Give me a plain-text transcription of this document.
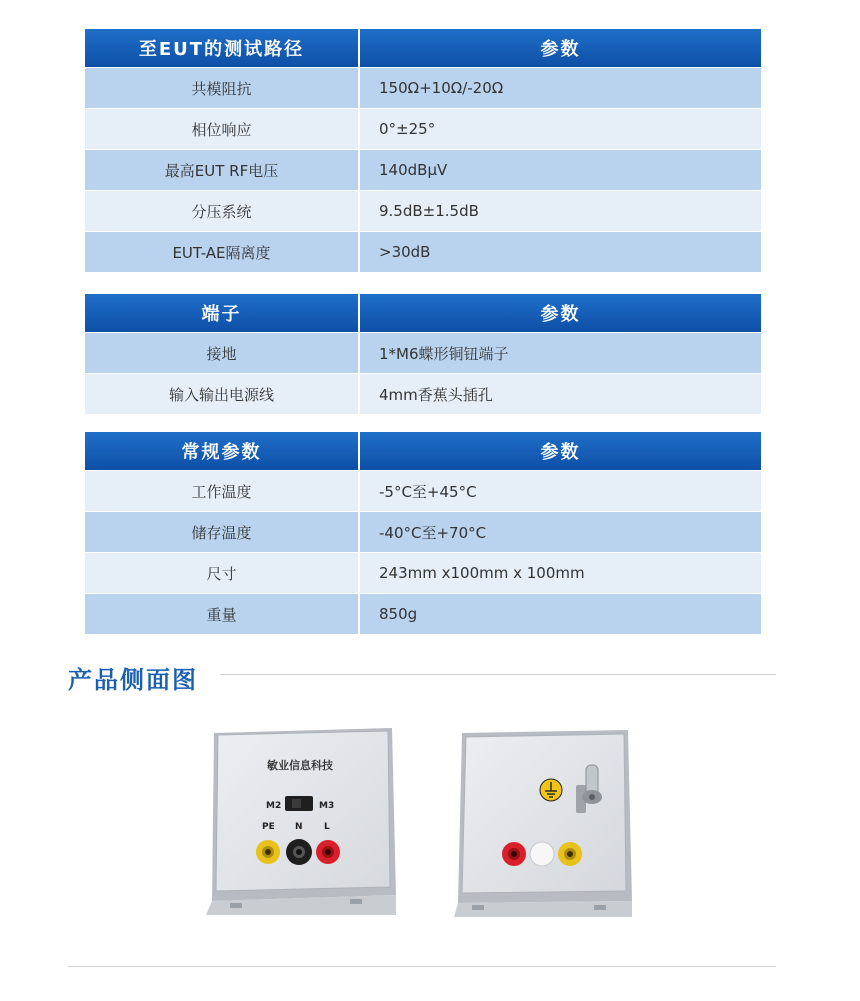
至EUT的测试路径	参数
共模阻抗	150Ω+10Ω/-20Ω
相位响应	0°±25°
最高EUT RF电压	140dBμV
分压系统	9.5dB±1.5dB
EUT-AE隔离度	>30dB
端子	参数
接地	1*M6蝶形铜钮端子
输入输出电源线	4mm香蕉头插孔
常规参数	参数
工作温度	-5°C至+45°C
储存温度	-40°C至+70°C
尺寸	243mm x100mm x 100mm
重量	850g
产品侧面图
敏业信息科技
M2	M3
PE N L
